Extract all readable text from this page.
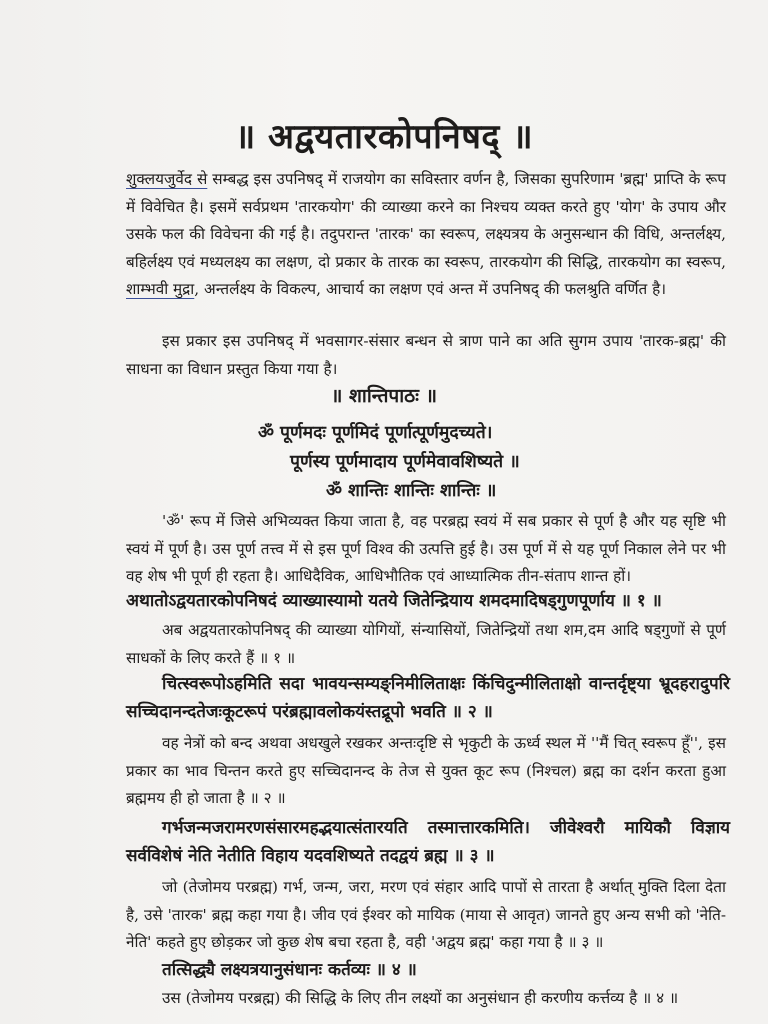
॥ अद्वयतारकोपनिषद् ॥
शुक्लयजुर्वेद से सम्बद्ध इस उपनिषद् में राजयोग का सविस्तार वर्णन है, जिसका सुपरिणाम 'ब्रह्म' प्राप्ति के रूप में विवेचित है। इसमें सर्वप्रथम 'तारकयोग' की व्याख्या करने का निश्चय व्यक्त करते हुए 'योग' के उपाय और उसके फल की विवेचना की गई है। तदुपरान्त 'तारक' का स्वरूप, लक्ष्यत्रय के अनुसन्धान की विधि, अन्तर्लक्ष्य, बहिर्लक्ष्य एवं मध्यलक्ष्य का लक्षण, दो प्रकार के तारक का स्वरूप, तारकयोग की सिद्धि, तारकयोग का स्वरूप, शाम्भवी मुद्रा, अन्तर्लक्ष्य के विकल्प, आचार्य का लक्षण एवं अन्त में उपनिषद् की फलश्रुति वर्णित है।
इस प्रकार इस उपनिषद् में भवसागर-संसार बन्धन से त्राण पाने का अति सुगम उपाय 'तारक-ब्रह्म' की साधना का विधान प्रस्तुत किया गया है।
॥ शान्तिपाठः ॥
ॐ पूर्णमदः पूर्णमिदं पूर्णात्पूर्णमुदच्यते।
पूर्णस्य पूर्णमादाय पूर्णमेवावशिष्यते ॥
ॐ शान्तिः शान्तिः शान्तिः ॥
'ॐ' रूप में जिसे अभिव्यक्त किया जाता है, वह परब्रह्म स्वयं में सब प्रकार से पूर्ण है और यह सृष्टि भी स्वयं में पूर्ण है। उस पूर्ण तत्त्व में से इस पूर्ण विश्व की उत्पत्ति हुई है। उस पूर्ण में से यह पूर्ण निकाल लेने पर भी वह शेष भी पूर्ण ही रहता है। आधिदैविक, आधिभौतिक एवं आध्यात्मिक तीन-संताप शान्त हों।
अथातोऽद्वयतारकोपनिषदं व्याख्यास्यामो यतये जितेन्द्रियाय शमदमादिषड्गुणपूर्णाय ॥ १ ॥
अब अद्वयतारकोपनिषद् की व्याख्या योगियों, संन्यासियों, जितेन्द्रियों तथा शम,दम आदि षड्गुणों से पूर्ण साधकों के लिए करते हैं ॥ १ ॥
चित्स्वरूपोऽहमिति सदा भावयन्सम्यङ्निमीलिताक्षः किंचिदुन्मीलिताक्षो वान्तर्दृष्ट्या भ्रूदहरादुपरि सच्चिदानन्दतेजःकूटरूपं परंब्रह्मावलोकयंस्तद्रूपो भवति ॥ २ ॥
वह नेत्रों को बन्द अथवा अधखुले रखकर अन्तःदृष्टि से भृकुटी के ऊर्ध्व स्थल में ''मैं चित् स्वरूप हूँ'', इस प्रकार का भाव चिन्तन करते हुए सच्चिदानन्द के तेज से युक्त कूट रूप (निश्चल) ब्रह्म का दर्शन करता हुआ ब्रह्ममय ही हो जाता है ॥ २ ॥
गर्भजन्मजरामरणसंसारमहद्भयात्संतारयति तस्मात्तारकमिति। जीवेश्वरौ मायिकौ विज्ञाय सर्वविशेषं नेति नेतीति विहाय यदवशिष्यते तदद्वयं ब्रह्म ॥ ३ ॥
जो (तेजोमय परब्रह्म) गर्भ, जन्म, जरा, मरण एवं संहार आदि पापों से तारता है अर्थात् मुक्ति दिला देता है, उसे 'तारक' ब्रह्म कहा गया है। जीव एवं ईश्वर को मायिक (माया से आवृत) जानते हुए अन्य सभी को 'नेति-नेति' कहते हुए छोड़कर जो कुछ शेष बचा रहता है, वही 'अद्वय ब्रह्म' कहा गया है ॥ ३ ॥
तत्सिद्ध्यै लक्ष्यत्रयानुसंधानः कर्तव्यः ॥ ४ ॥
उस (तेजोमय परब्रह्म) की सिद्धि के लिए तीन लक्ष्यों का अनुसंधान ही करणीय कर्त्तव्य है ॥ ४ ॥
